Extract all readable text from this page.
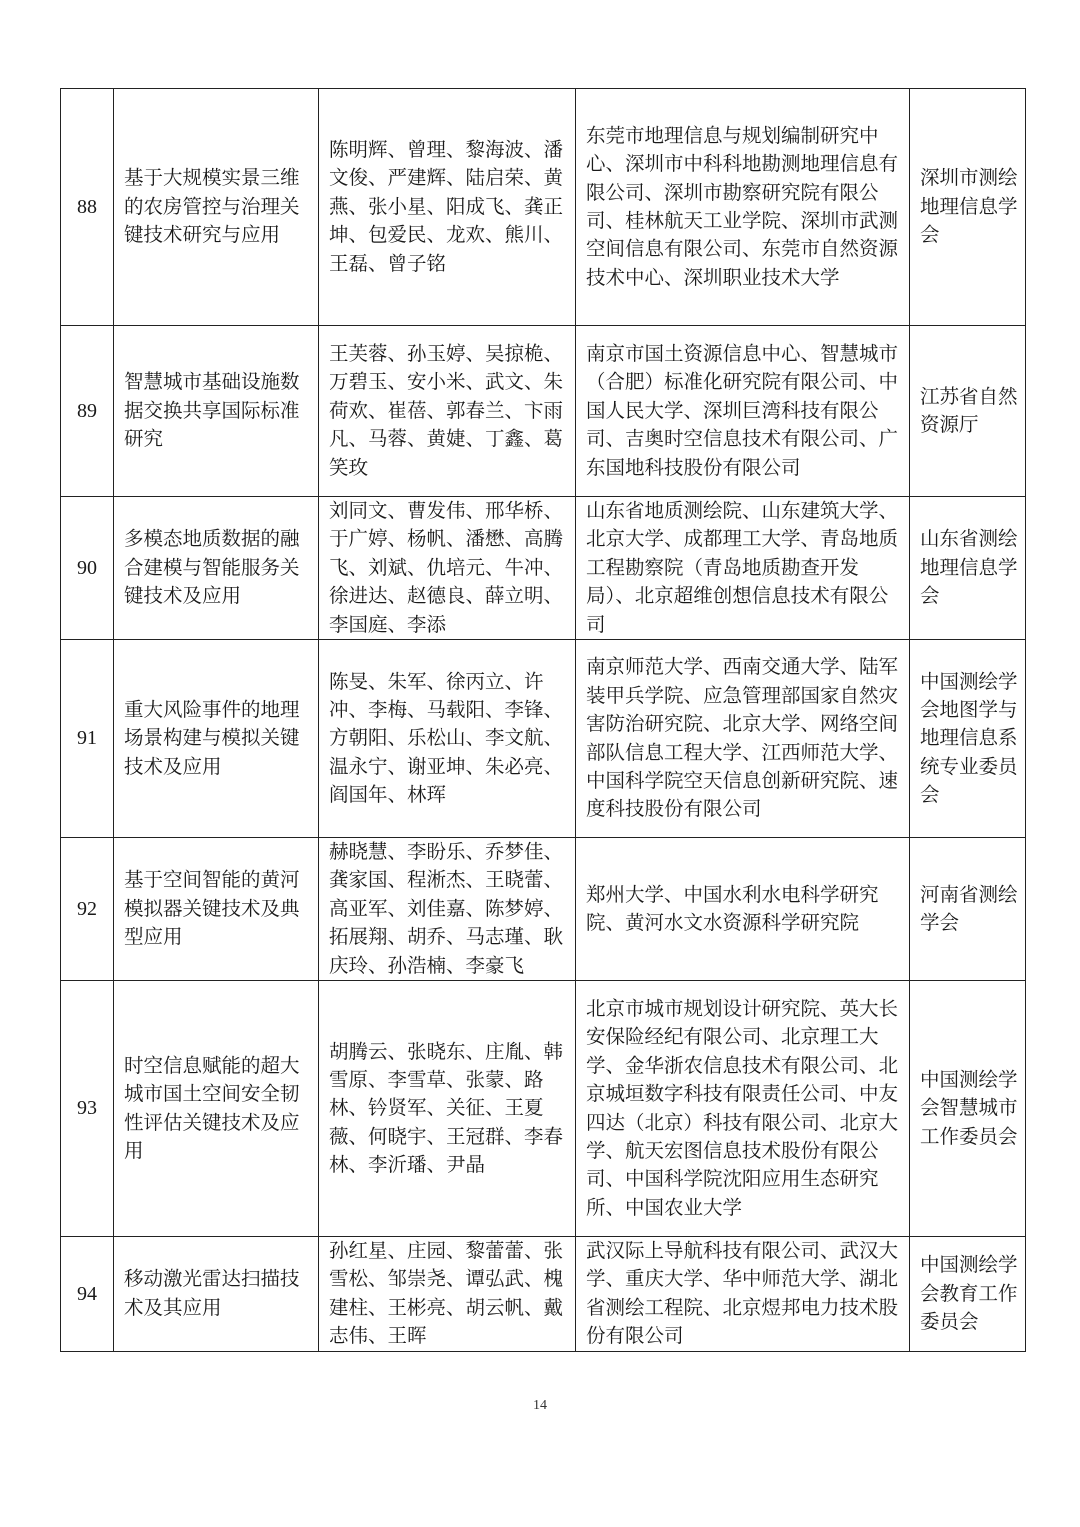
88	基于大规模实景三维的农房管控与治理关键技术研究与应用	陈明辉、曾理、黎海波、潘文俊、严建辉、陆启荣、黄燕、张小星、阳成飞、龚正坤、包爱民、龙欢、熊川、王磊、曾子铭	东莞市地理信息与规划编制研究中心、深圳市中科科地勘测地理信息有限公司、深圳市勘察研究院有限公司、桂林航天工业学院、深圳市武测空间信息有限公司、东莞市自然资源技术中心、深圳职业技术大学	深圳市测绘地理信息学会

89	智慧城市基础设施数据交换共享国际标准研究	王芙蓉、孙玉婷、吴掠桅、万碧玉、安小米、武文、朱荷欢、崔蓓、郭春兰、卞雨凡、马蓉、黄婕、丁鑫、葛笑玫	南京市国土资源信息中心、智慧城市（合肥）标准化研究院有限公司、中国人民大学、深圳巨湾科技有限公司、吉奥时空信息技术有限公司、广东国地科技股份有限公司	江苏省自然资源厅

90	多模态地质数据的融合建模与智能服务关键技术及应用	刘同文、曹发伟、邢华桥、于广婷、杨帆、潘懋、高腾飞、刘斌、仇培元、牛冲、徐进达、赵德良、薛立明、李国庭、李添	山东省地质测绘院、山东建筑大学、北京大学、成都理工大学、青岛地质工程勘察院（青岛地质勘查开发局）、北京超维创想信息技术有限公司	山东省测绘地理信息学会

91	重大风险事件的地理场景构建与模拟关键技术及应用	陈旻、朱军、徐丙立、许冲、李梅、马载阳、李锋、方朝阳、乐松山、李文航、温永宁、谢亚坤、朱必亮、阎国年、林珲	南京师范大学、西南交通大学、陆军装甲兵学院、应急管理部国家自然灾害防治研究院、北京大学、网络空间部队信息工程大学、江西师范大学、中国科学院空天信息创新研究院、速度科技股份有限公司	中国测绘学会地图学与地理信息系统专业委员会

92	基于空间智能的黄河模拟器关键技术及典型应用	赫晓慧、李盼乐、乔梦佳、龚家国、程淅杰、王晓蕾、高亚军、刘佳嘉、陈梦婷、拓展翔、胡乔、马志瑾、耿庆玲、孙浩楠、李豪飞	郑州大学、中国水利水电科学研究院、黄河水文水资源科学研究院	河南省测绘学会

93	时空信息赋能的超大城市国土空间安全韧性评估关键技术及应用	胡腾云、张晓东、庄胤、韩雪原、李雪草、张蒙、路林、钤贤军、关征、王夏薇、何晓宇、王冠群、李春林、李沂璠、尹晶	北京市城市规划设计研究院、英大长安保险经纪有限公司、北京理工大学、金华浙农信息技术有限公司、北京城垣数字科技有限责任公司、中友四达（北京）科技有限公司、北京大学、航天宏图信息技术股份有限公司、中国科学院沈阳应用生态研究所、中国农业大学	中国测绘学会智慧城市工作委员会

94	移动激光雷达扫描技术及其应用	孙红星、庄园、黎蕾蕾、张雪松、邹崇尧、谭弘武、槐建柱、王彬亮、胡云帆、戴志伟、王晖	武汉际上导航科技有限公司、武汉大学、重庆大学、华中师范大学、湖北省测绘工程院、北京煜邦电力技术股份有限公司	中国测绘学会教育工作委员会
14
